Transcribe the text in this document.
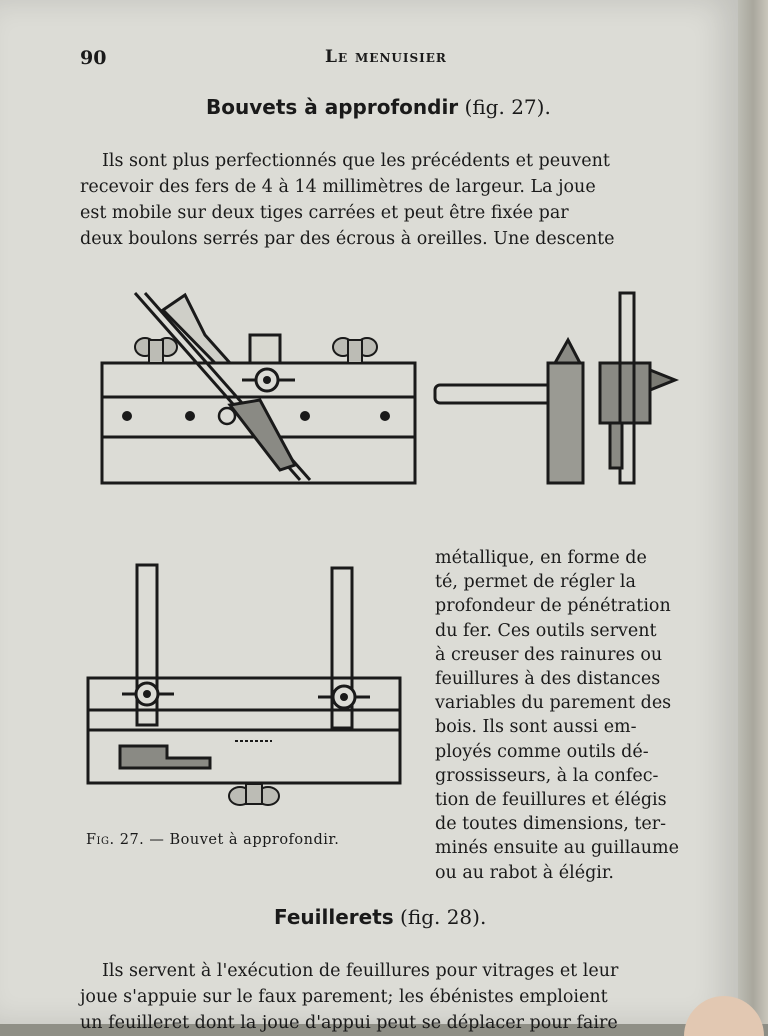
90	Le menuisier
Bouvets à approfondir (fig. 27).
Ils sont plus perfectionnés que les précédents et peuvent
recevoir des fers de 4 à 14 millimètres de largeur. La joue
est mobile sur deux tiges carrées et peut être fixée par
deux boulons serrés par des écrous à oreilles. Une descente
Fig. 27. — Bouvet à approfondir.
métallique, en forme de
té, permet de régler la
profondeur de pénétration
du fer. Ces outils servent
à creuser des rainures ou
feuillures à des distances
variables du parement des
bois. Ils sont aussi em-
ployés comme outils dé-
grossisseurs, à la confec-
tion de feuillures et élégis
de toutes dimensions, ter-
minés ensuite au guillaume
ou au rabot à élégir.
Feuillerets (fig. 28).
Ils servent à l'exécution de feuillures pour vitrages et leur
joue s'appuie sur le faux parement; les ébénistes emploient
un feuilleret dont la joue d'appui peut se déplacer pour faire
